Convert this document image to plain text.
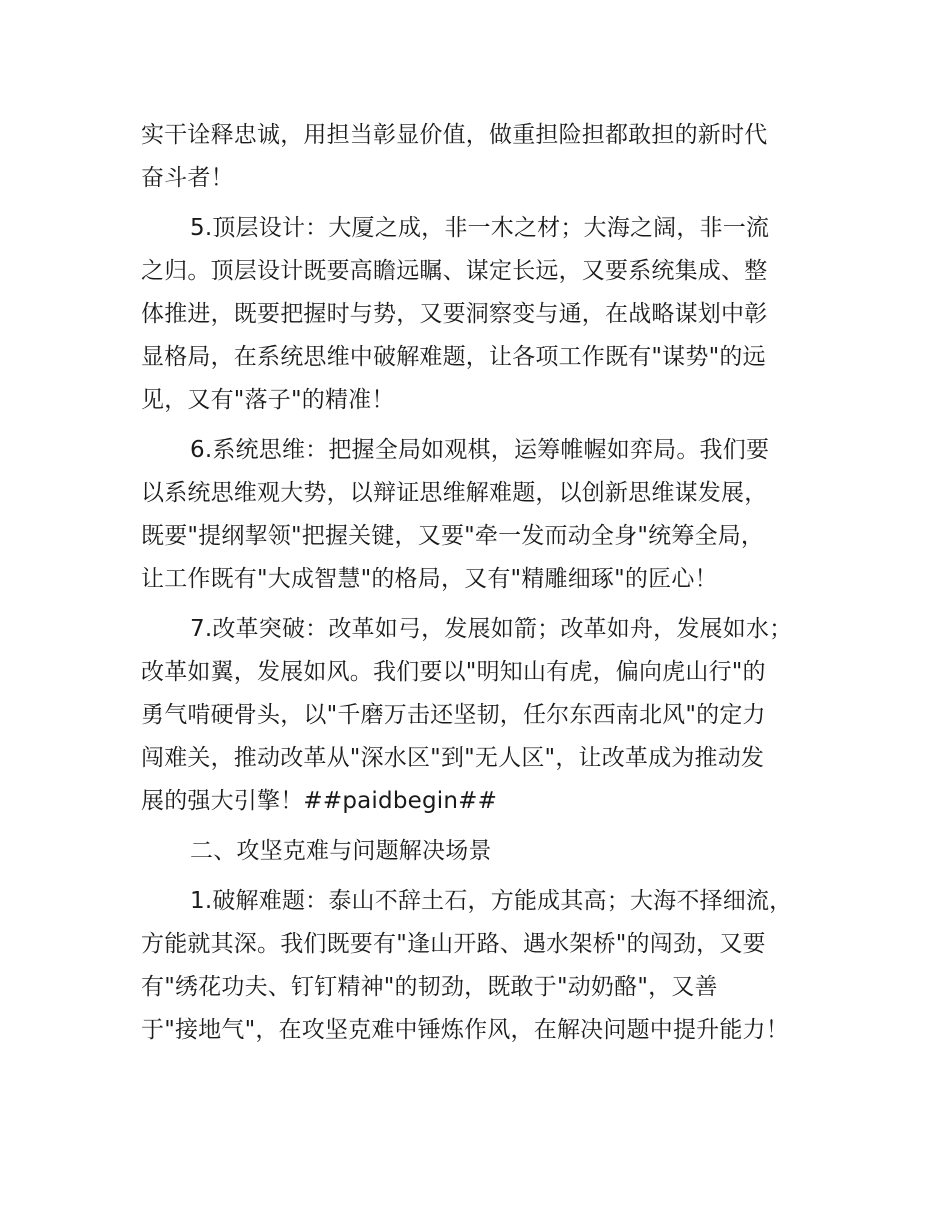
实干诠释忠诚，用担当彰显价值，做重担险担都敢担的新时代
奋斗者！
5.顶层设计：大厦之成，非一木之材；大海之阔，非一流
之归。顶层设计既要高瞻远瞩、谋定长远，又要系统集成、整
体推进，既要把握时与势，又要洞察变与通，在战略谋划中彰
显格局，在系统思维中破解难题，让各项工作既有"谋势"的远
见，又有"落子"的精准！
6.系统思维：把握全局如观棋，运筹帷幄如弈局。我们要
以系统思维观大势，以辩证思维解难题，以创新思维谋发展，
既要"提纲挈领"把握关键，又要"牵一发而动全身"统筹全局，
让工作既有"大成智慧"的格局，又有"精雕细琢"的匠心！
7.改革突破：改革如弓，发展如箭；改革如舟，发展如水；
改革如翼，发展如风。我们要以"明知山有虎，偏向虎山行"的
勇气啃硬骨头，以"千磨万击还坚韧，任尔东西南北风"的定力
闯难关，推动改革从"深水区"到"无人区"，让改革成为推动发
展的强大引擎！##paidbegin##
二、攻坚克难与问题解决场景
1.破解难题：泰山不辞土石，方能成其高；大海不择细流，
方能就其深。我们既要有"逢山开路、遇水架桥"的闯劲，又要
有"绣花功夫、钉钉精神"的韧劲，既敢于"动奶酪"，又善
于"接地气"，在攻坚克难中锤炼作风，在解决问题中提升能力！
